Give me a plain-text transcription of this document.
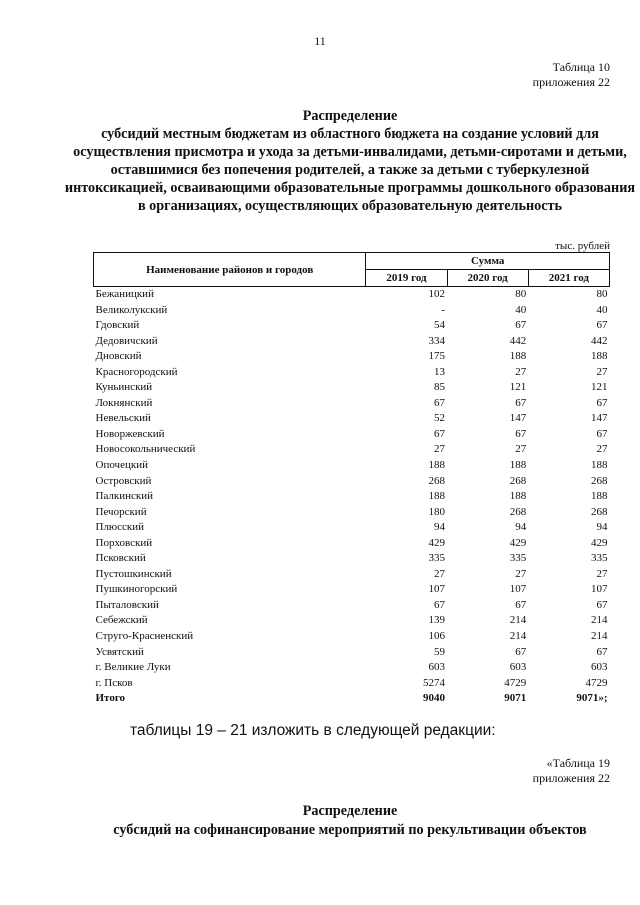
11
Таблица 10
приложения 22

Распределение

субсидий местным бюджетам из областного бюджета на создание условий для осуществления присмотра и ухода за детьми-инвалидами, детьми-сиротами и детьми, оставшимися без попечения родителей, а также за детьми с туберкулезной интоксикацией, осваивающими образовательные программы дошкольного образования в организациях, осуществляющих образовательную деятельность

тыс. рублей
Наименование районов и городов	Сумма		
	2019 год	2020 год	2021 год
Бежаницкий	102	80	80
Великолукский	-	40	40
Гдовский	54	67	67
Дедовичский	334	442	442
Дновский	175	188	188
Красногородский	13	27	27
Куньинский	85	121	121
Локнянский	67	67	67
Невельский	52	147	147
Новоржевский	67	67	67
Новосокольнический	27	27	27
Опочецкий	188	188	188
Островский	268	268	268
Палкинский	188	188	188
Печорский	180	268	268
Плюсский	94	94	94
Порховский	429	429	429
Псковский	335	335	335
Пустошкинский	27	27	27
Пушкиногорский	107	107	107
Пыталовский	67	67	67
Себежский	139	214	214
Струго-Красненский	106	214	214
Усвятский	59	67	67
г. Великие Луки	603	603	603
г. Псков	5274	4729	4729
Итого	9040	9071	9071»;
таблицы 19 – 21 изложить в следующей редакции:
«Таблица 19
приложения 22

Распределение

субсидий на софинансирование мероприятий по рекультивации объектов
